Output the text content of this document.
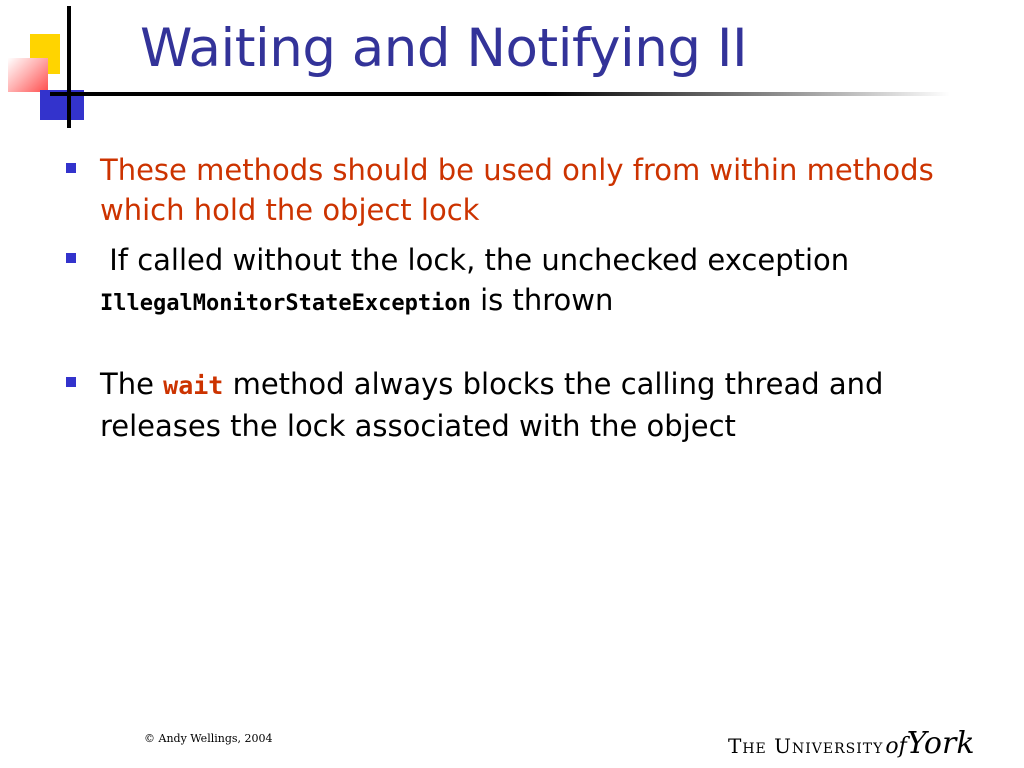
Waiting and Notifying II
These methods should be used only from within methods which hold the object lock
If called without the lock, the unchecked exception
IllegalMonitorStateException is thrown
The wait method always blocks the calling thread and releases the lock associated with the object
© Andy Wellings, 2004	The UniversityofYork
